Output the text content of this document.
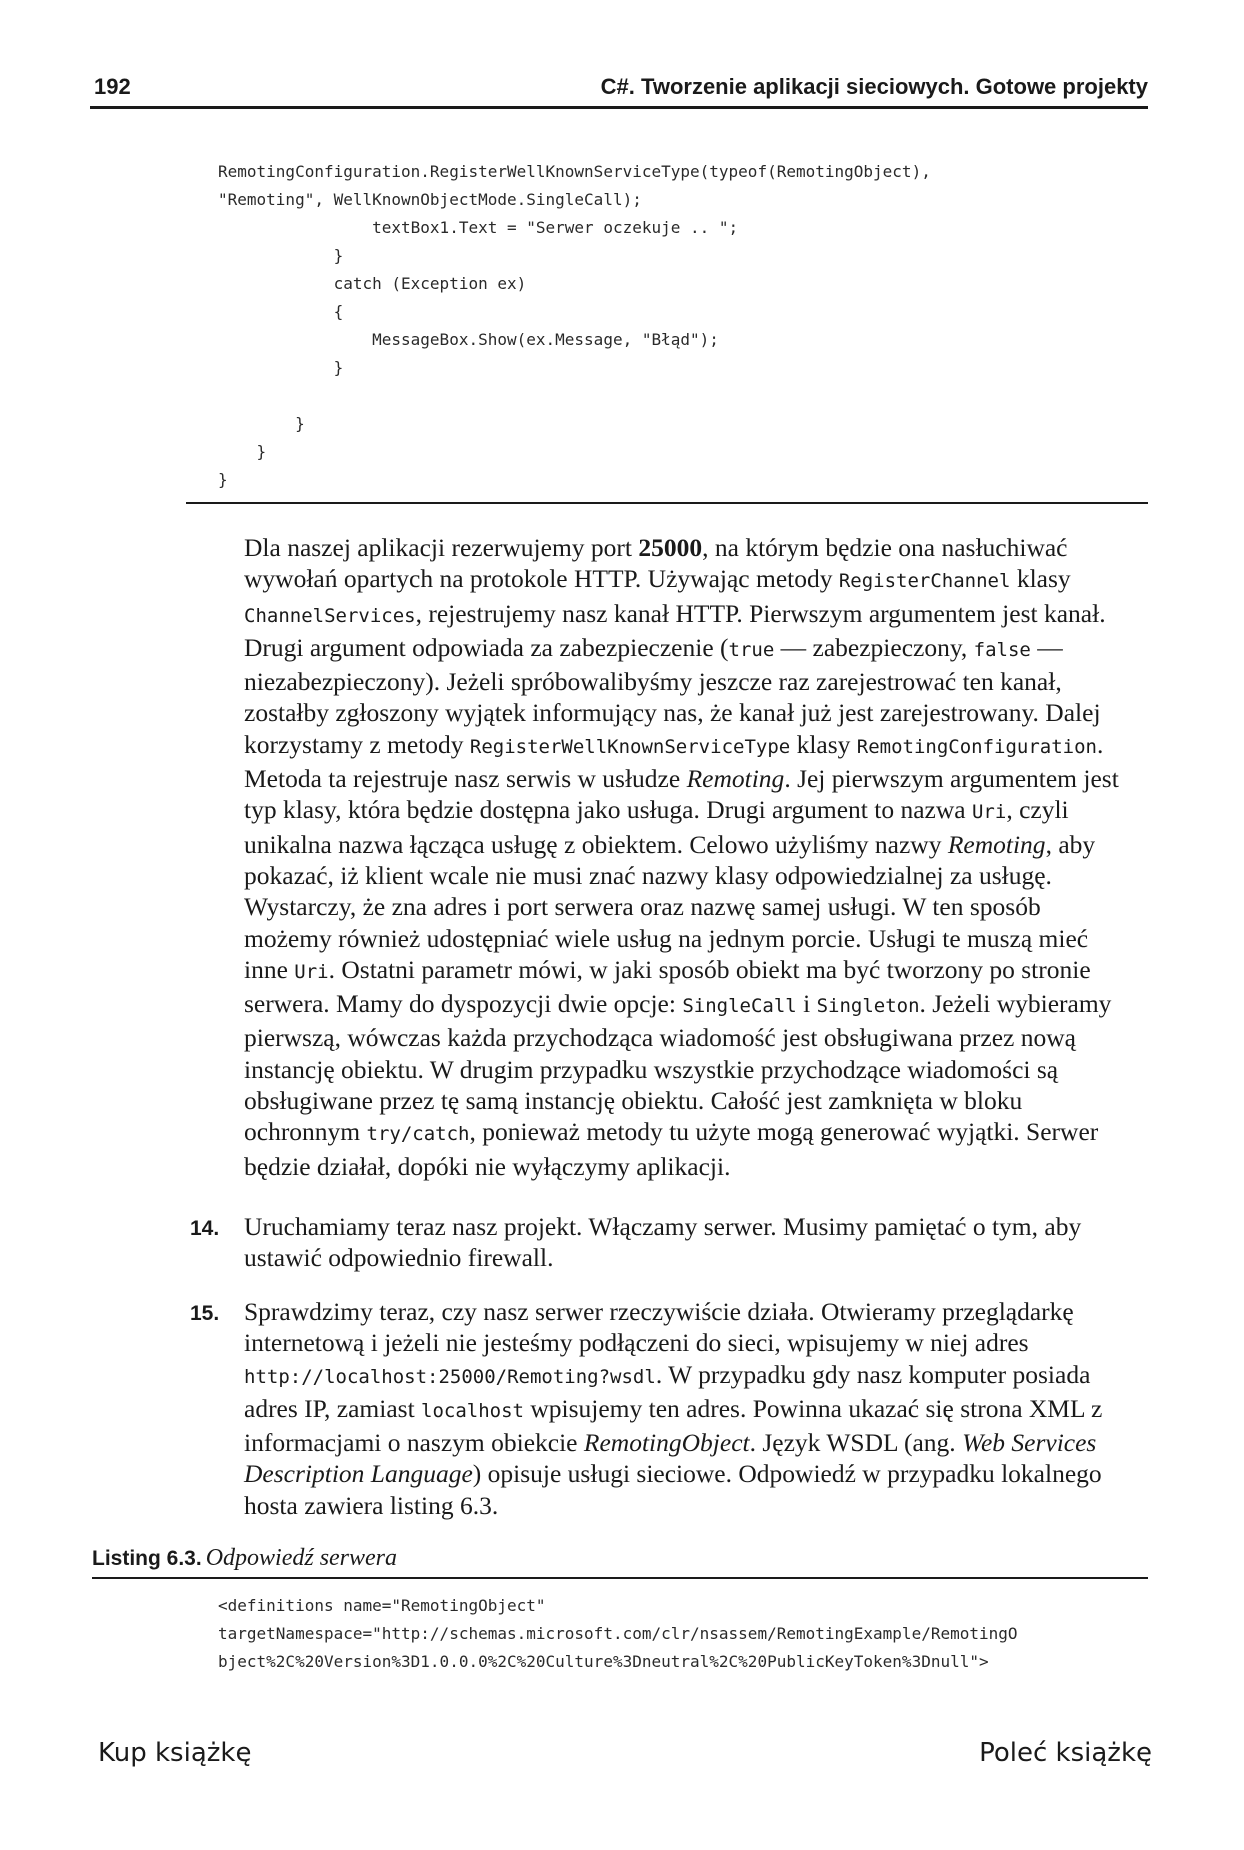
192	C#. Tworzenie aplikacji sieciowych. Gotowe projekty
RemotingConfiguration.RegisterWellKnownServiceType(typeof(RemotingObject),
"Remoting", WellKnownObjectMode.SingleCall);
textBox1.Text = "Serwer oczekuje .. ";
}
catch (Exception ex)
{
MessageBox.Show(ex.Message, "Błąd");
}

}
}
}

Dla naszej aplikacji rezerwujemy port 25000, na którym będzie ona nasłuchiwać wywołań opartych na protokole HTTP. Używając metody RegisterChannel klasy ChannelServices, rejestrujemy nasz kanał HTTP. Pierwszym argumentem jest kanał. Drugi argument odpowiada za zabezpieczenie (true — zabezpieczony, false — niezabezpieczony). Jeżeli spróbowalibyśmy jeszcze raz zarejestrować ten kanał, zostałby zgłoszony wyjątek informujący nas, że kanał już jest zarejestrowany. Dalej korzystamy z metody RegisterWellKnownServiceType klasy RemotingConfiguration. Metoda ta rejestruje nasz serwis w usłudze Remoting. Jej pierwszym argumentem jest typ klasy, która będzie dostępna jako usługa. Drugi argument to nazwa Uri, czyli unikalna nazwa łącząca usługę z obiektem. Celowo użyliśmy nazwy Remoting, aby pokazać, iż klient wcale nie musi znać nazwy klasy odpowiedzialnej za usługę. Wystarczy, że zna adres i port serwera oraz nazwę samej usługi. W ten sposób możemy również udostępniać wiele usług na jednym porcie. Usługi te muszą mieć inne Uri. Ostatni parametr mówi, w jaki sposób obiekt ma być tworzony po stronie serwera. Mamy do dyspozycji dwie opcje: SingleCall i Singleton. Jeżeli wybieramy pierwszą, wówczas każda przychodząca wiadomość jest obsługiwana przez nową instancję obiektu. W drugim przypadku wszystkie przychodzące wiadomości są obsługiwane przez tę samą instancję obiektu. Całość jest zamknięta w bloku ochronnym try/catch, ponieważ metody tu użyte mogą generować wyjątki. Serwer będzie działał, dopóki nie wyłączymy aplikacji.

14. Uruchamiamy teraz nasz projekt. Włączamy serwer. Musimy pamiętać o tym, aby ustawić odpowiednio firewall.

15. Sprawdzimy teraz, czy nasz serwer rzeczywiście działa. Otwieramy przeglądarkę internetową i jeżeli nie jesteśmy podłączeni do sieci, wpisujemy w niej adres http://localhost:25000/Remoting?wsdl. W przypadku gdy nasz komputer posiada adres IP, zamiast localhost wpisujemy ten adres. Powinna ukazać się strona XML z informacjami o naszym obiekcie RemotingObject. Język WSDL (ang. Web Services Description Language) opisuje usługi sieciowe. Odpowiedź w przypadku lokalnego hosta zawiera listing 6.3.

Listing 6.3. Odpowiedź serwera
<definitions name="RemotingObject"
targetNamespace="http://schemas.microsoft.com/clr/nsassem/RemotingExample/RemotingO
bject%2C%20Version%3D1.0.0.0%2C%20Culture%3Dneutral%2C%20PublicKeyToken%3Dnull">
Kup książkę	Poleć książkę
